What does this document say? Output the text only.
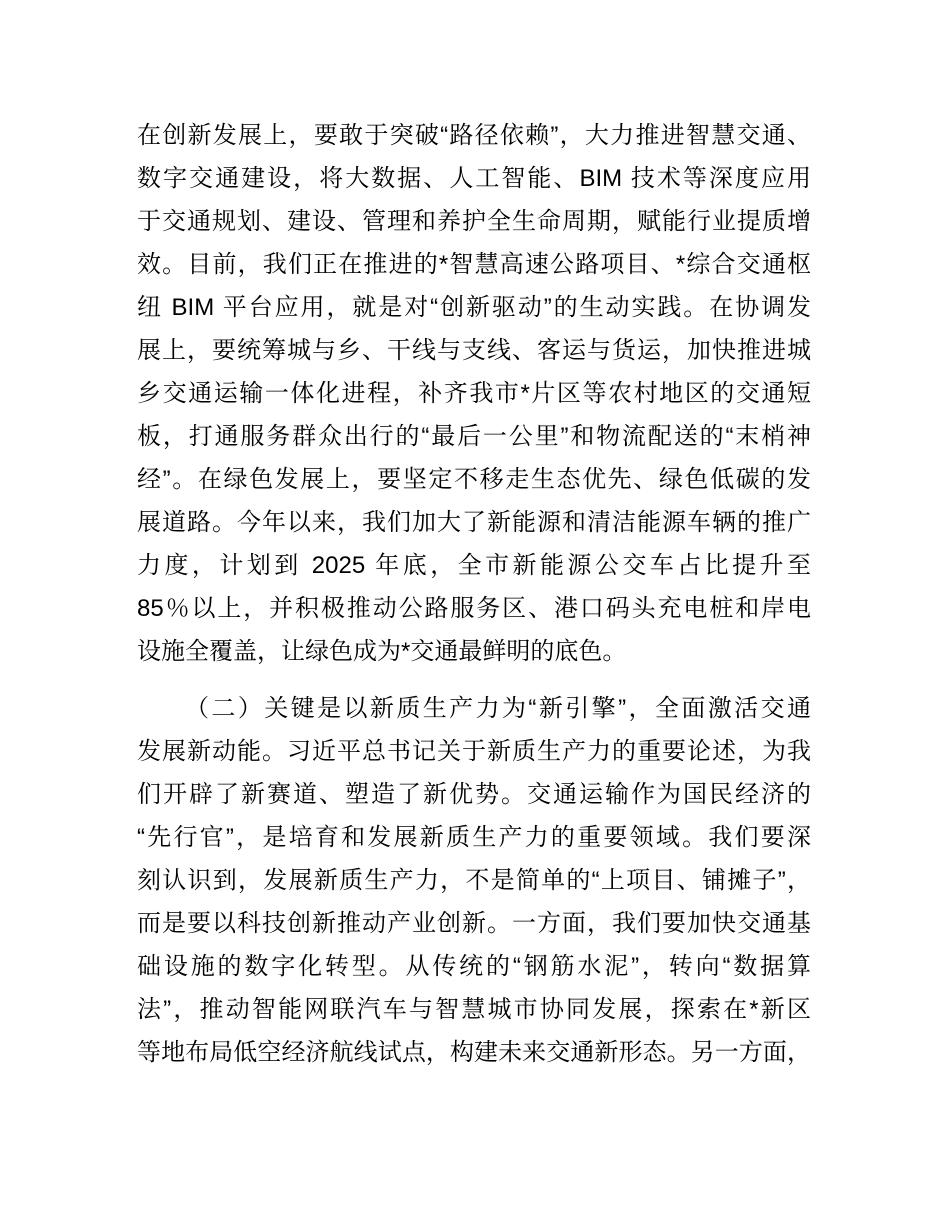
在创新发展上，要敢于突破“路径依赖”，大力推进智慧交通、
数字交通建设，将大数据、人工智能、BIM 技术等深度应用
于交通规划、建设、管理和养护全生命周期，赋能行业提质增
效。目前，我们正在推进的*智慧高速公路项目、*综合交通枢
纽 BIM 平台应用，就是对“创新驱动”的生动实践。在协调发
展上，要统筹城与乡、干线与支线、客运与货运，加快推进城
乡交通运输一体化进程，补齐我市*片区等农村地区的交通短
板，打通服务群众出行的“最后一公里”和物流配送的“末梢神
经”。在绿色发展上，要坚定不移走生态优先、绿色低碳的发
展道路。今年以来，我们加大了新能源和清洁能源车辆的推广
力度，计划到 2025 年底，全市新能源公交车占比提升至
85％以上，并积极推动公路服务区、港口码头充电桩和岸电
设施全覆盖，让绿色成为*交通最鲜明的底色。
（二）关键是以新质生产力为“新引擎”，全面激活交通
发展新动能。习近平总书记关于新质生产力的重要论述，为我
们开辟了新赛道、塑造了新优势。交通运输作为国民经济的
“先行官”，是培育和发展新质生产力的重要领域。我们要深
刻认识到，发展新质生产力，不是简单的“上项目、铺摊子”，
而是要以科技创新推动产业创新。一方面，我们要加快交通基
础设施的数字化转型。从传统的“钢筋水泥”，转向“数据算
法”，推动智能网联汽车与智慧城市协同发展，探索在*新区
等地布局低空经济航线试点，构建未来交通新形态。另一方面，
